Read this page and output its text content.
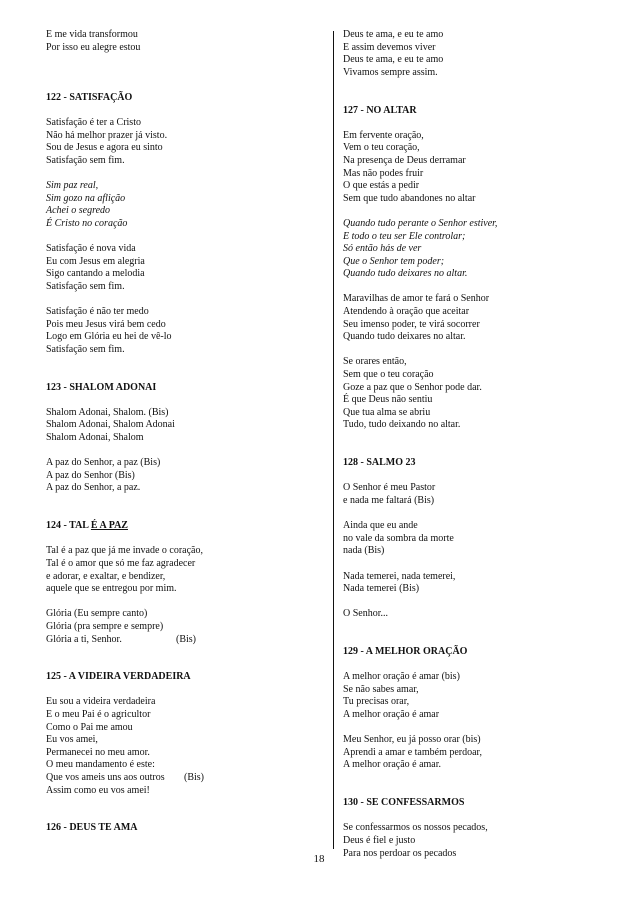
E me vida transformou
Por isso eu alegre estou
122 - SATISFAÇÃO
Satisfação é ter a Cristo
Não há melhor prazer já visto.
Sou de Jesus e agora eu sinto
Satisfação sem fim.
Sim paz real,
Sim gozo na aflição
Achei o segredo
É Cristo no coração
Satisfação é nova vida
Eu com Jesus em alegria
Sigo cantando a melodia
Satisfação sem fim.
Satisfação é não ter medo
Pois meu Jesus virá bem cedo
Logo em Glória eu hei de vê-lo
Satisfação sem fim.
123 - SHALOM ADONAI
Shalom Adonai, Shalom. (Bis)
Shalom Adonai, Shalom Adonai
Shalom Adonai, Shalom
A paz do Senhor, a paz (Bis)
A paz do Senhor (Bis)
A paz do Senhor, a paz.
124 - TAL É A PAZ
Tal é a paz que já me invade o coração,
Tal é o amor que só me faz agradecer
e adorar, e exaltar, e bendizer,
aquele que se entregou por mim.
Glória (Eu sempre canto)
Glória (pra sempre e sempre)
Glória a ti, Senhor.	(Bis)
125 - A VIDEIRA VERDADEIRA
Eu sou a videira verdadeira
E o meu Pai é o agricultor
Como o Pai me amou
Eu vos amei,
Permanecei no meu amor.
O meu mandamento é este:
Que vos ameis uns aos outros (Bis)
Assim como eu vos amei!
126 - DEUS TE AMA
Deus te ama, e eu te amo
E assim devemos viver
Deus te ama, e eu te amo
Vivamos sempre assim.
127 - NO ALTAR
Em fervente oração,
Vem o teu coração,
Na presença de Deus derramar
Mas não podes fruir
O que estás a pedir
Sem que tudo abandones no altar
Quando tudo perante o Senhor estiver,
E todo o teu ser Ele controlar;
Só então hás de ver
Que o Senhor tem poder;
Quando tudo deixares no altar.
Maravilhas de amor te fará o Senhor
Atendendo à oração que aceitar
Seu imenso poder, te virá socorrer
Quando tudo deixares no altar.
Se orares então,
Sem que o teu coração
Goze a paz que o Senhor pode dar.
É que Deus não sentiu
Que tua alma se abriu
Tudo, tudo deixando no altar.
128 - SALMO 23
O Senhor é meu Pastor
e nada me faltará (Bis)
Ainda que eu ande
no vale da sombra da morte
nada (Bis)
Nada temerei, nada temerei,
Nada temerei (Bis)
O Senhor...
129 - A MELHOR ORAÇÃO
A melhor oração é amar (bis)
Se não sabes amar,
Tu precisas orar,
A melhor oração é amar
Meu Senhor, eu já posso orar (bis)
Aprendi a amar e também perdoar,
A melhor oração é amar.
130 - SE CONFESSARMOS
Se confessarmos os nossos pecados,
Deus é fiel e justo
Para nos perdoar os pecados
18
